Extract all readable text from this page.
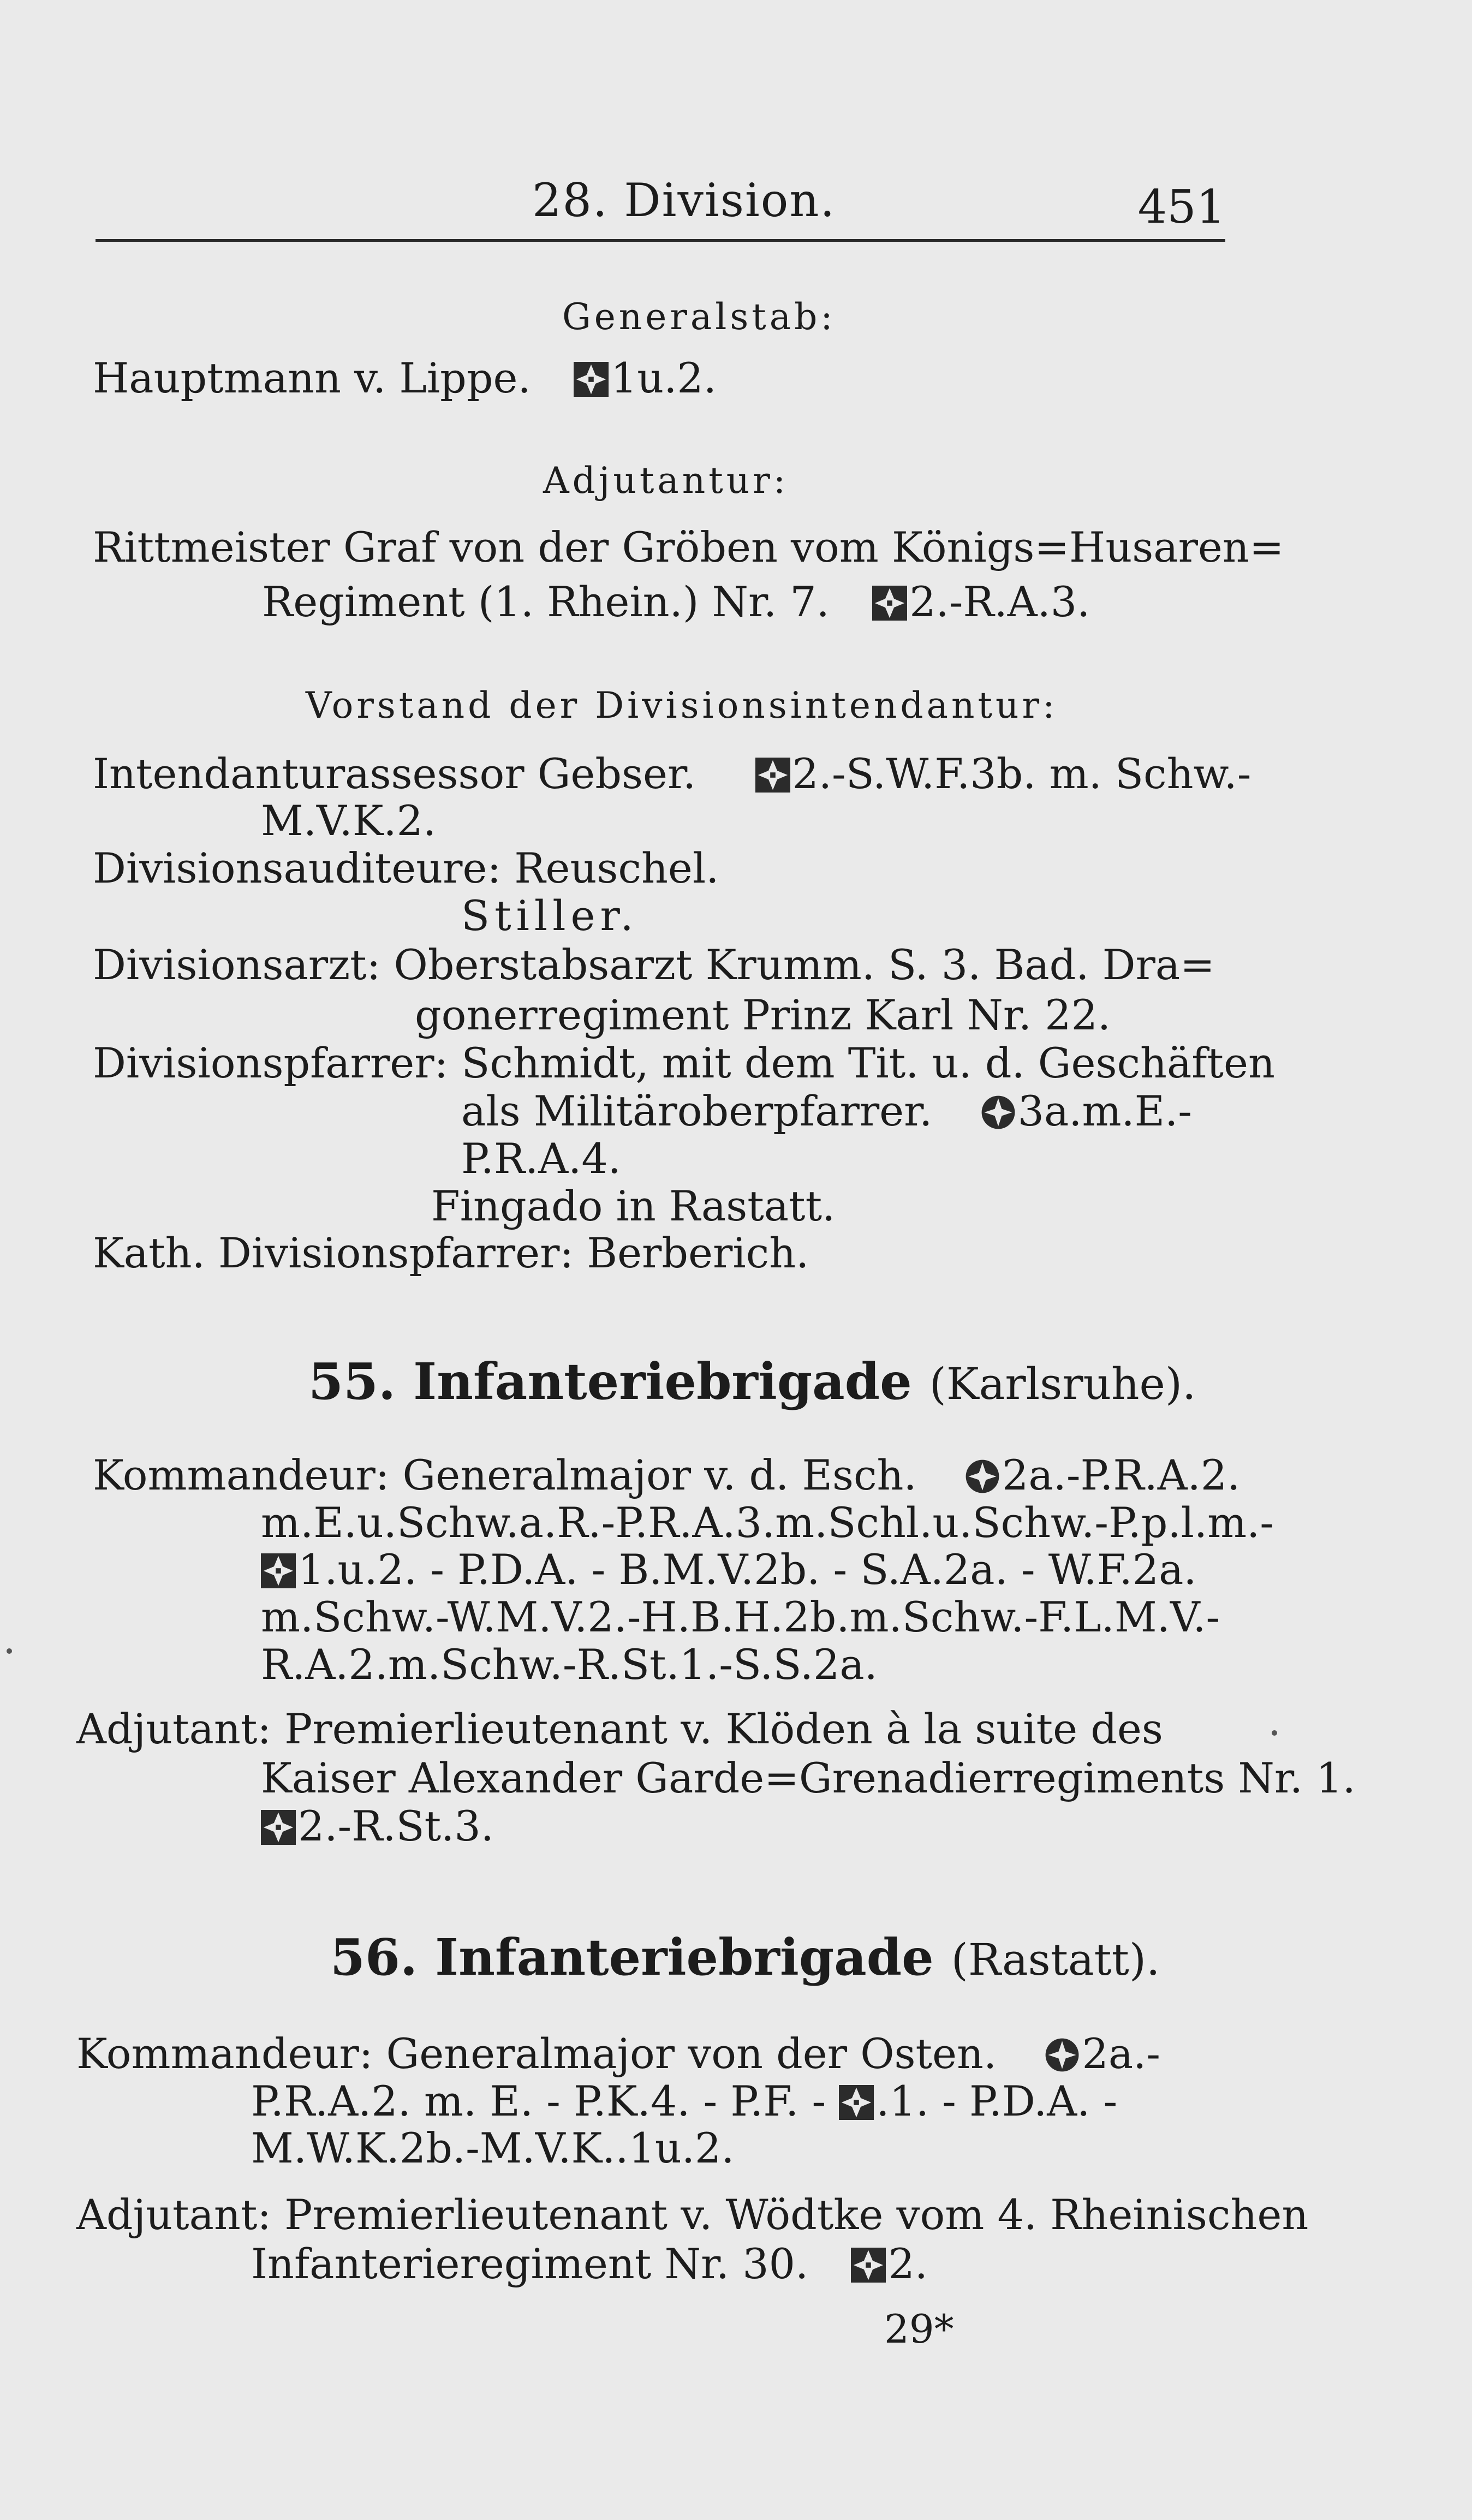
28. Division.	451
Generalstab:
Hauptmann v. Lippe. 1u.2.
Adjutantur:
Rittmeister Graf von der Gröben vom Königs=Husaren=
Regiment (1. Rhein.) Nr. 7. 2.-R.A.3.
Vorstand der Divisionsintendantur:
Intendanturassessor Gebser. 2.-S.W.F.3b. m. Schw.-
M.V.K.2.
Divisionsauditeure: Reuschel.
Stiller.
Divisionsarzt: Oberstabsarzt Krumm. S. 3. Bad. Dra=
gonerregiment Prinz Karl Nr. 22.
Divisionspfarrer: Schmidt, mit dem Tit. u. d. Geschäften
als Militäroberpfarrer. 3a.m.E.-
P.R.A.4.
Fingado in Rastatt.
Kath. Divisionspfarrer: Berberich.
55. Infanteriebrigade (Karlsruhe).
Kommandeur: Generalmajor v. d. Esch. 2a.-P.R.A.2.
m.E.u.Schw.a.R.-P.R.A.3.m.Schl.u.Schw.-P.p.l.m.-
1.u.2. - P.D.A. - B.M.V.2b. - S.A.2a. - W.F.2a.
m.Schw.-W.M.V.2.-H.B.H.2b.m.Schw.-F.L.M.V.-
R.A.2.m.Schw.-R.St.1.-S.S.2a.
Adjutant: Premierlieutenant v. Klöden à la suite des
Kaiser Alexander Garde=Grenadierregiments Nr. 1.
2.-R.St.3.
56. Infanteriebrigade (Rastatt).
Kommandeur: Generalmajor von der Osten. 2a.-
P.R.A.2. m. E. - P.K.4. - P.F. - .1. - P.D.A. -
M.W.K.2b.-M.V.K..1u.2.
Adjutant: Premierlieutenant v. Wödtke vom 4. Rheinischen
Infanterieregiment Nr. 30. 2.
29*
